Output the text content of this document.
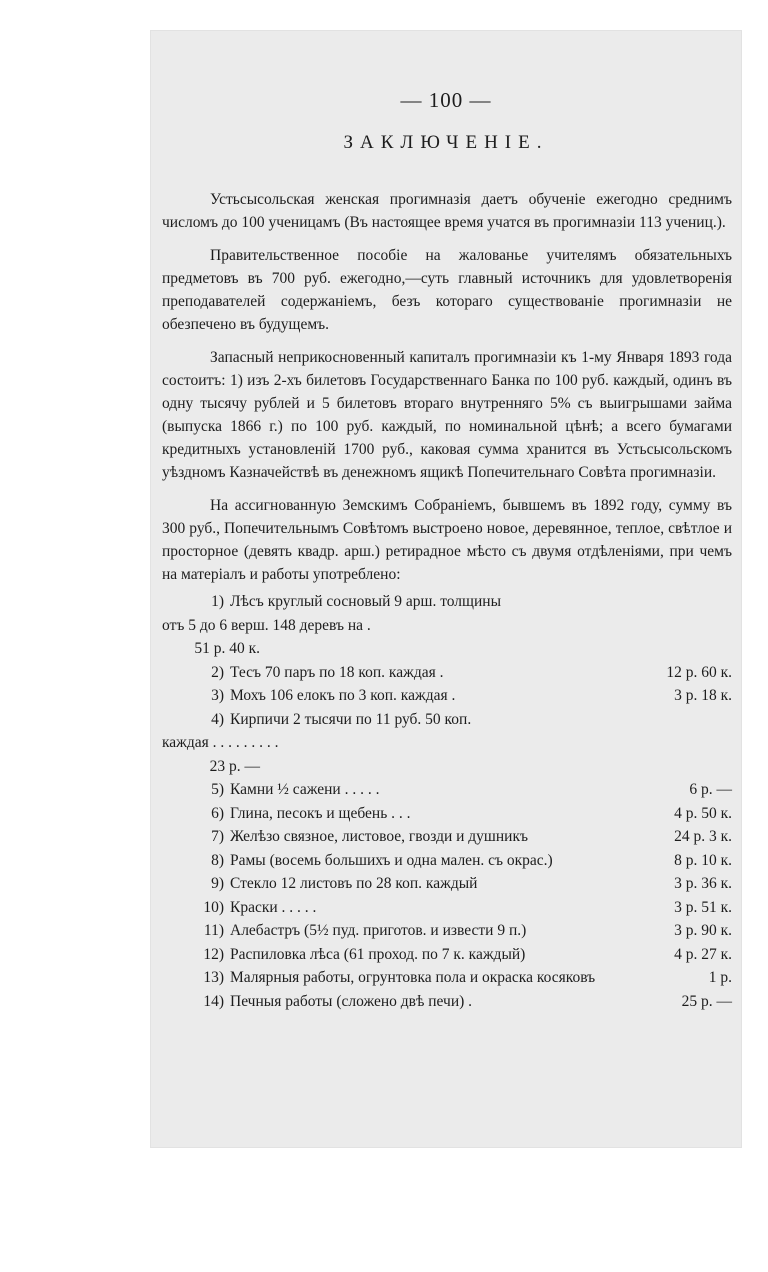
— 100 —
ЗАКЛЮЧЕНІЕ.

Устьсысольская женская прогимназія даетъ обученіе ежегодно среднимъ числомъ до 100 ученицамъ (Въ настоящее время учатся въ прогимназіи 113 учениц.).

Правительственное пособіе на жалованье учителямъ обязательныхъ предметовъ въ 700 руб. ежегодно,—суть главный источникъ для удовлетворенія преподавателей содержаніемъ, безъ котораго существованіе прогимназіи не обезпечено въ будущемъ.

Запасный неприкосновенный капиталъ прогимназіи къ 1-му Января 1893 года состоитъ: 1) изъ 2-хъ билетовъ Государственнаго Банка по 100 руб. каждый, одинъ въ одну тысячу рублей и 5 билетовъ втораго внутренняго 5% съ выигрышами займа (выпуска 1866 г.) по 100 руб. каждый, по номинальной цѣнѣ; а всего бумагами кредитныхъ установленій 1700 руб., каковая сумма хранится въ Устьсысольскомъ уѣздномъ Казначействѣ въ денежномъ ящикѣ Попечительнаго Совѣта прогимназіи.

На ассигнованную Земскимъ Собраніемъ, бывшемъ въ 1892 году, сумму въ 300 руб., Попечительнымъ Совѣтомъ выстроено новое, деревянное, теплое, свѣтлое и просторное (девять квадр. арш.) ретирадное мѣсто съ двумя отдѣленіями, при чемъ на матеріалъ и работы употреблено:

1) Лѣсъ круглый сосновый 9 арш. толщины
отъ 5 до 6 верш. 148 деревъ на .
51 р. 40 к.
2) Тесъ 70 паръ по 18 коп. каждая .	12 р. 60 к.
3) Мохъ 106 елокъ по 3 коп. каждая .	3 р. 18 к.
4) Кирпичи 2 тысячи по 11 руб. 50 коп.
каждая . . . . . . . . .
23 р. —
5) Камни ½ сажени . . . . .	6 р. —
6) Глина, песокъ и щебень . . .	4 р. 50 к.
7) Желѣзо связное, листовое, гвозди и душникъ	24 р. 3 к.
8) Рамы (восемь большихъ и одна мален. съ окрас.)	8 р. 10 к.
9) Стекло 12 листовъ по 28 коп. каждый	3 р. 36 к.
10) Краски . . . . .	3 р. 51 к.
11) Алебастръ (5½ пуд. приготов. и извести 9 п.)	3 р. 90 к.
12) Распиловка лѣса (61 проход. по 7 к. каждый)	4 р. 27 к.
13) Малярныя работы, огрунтовка пола и окраска косяковъ	1 р.
14) Печныя работы (сложено двѣ печи) .	25 р. —
